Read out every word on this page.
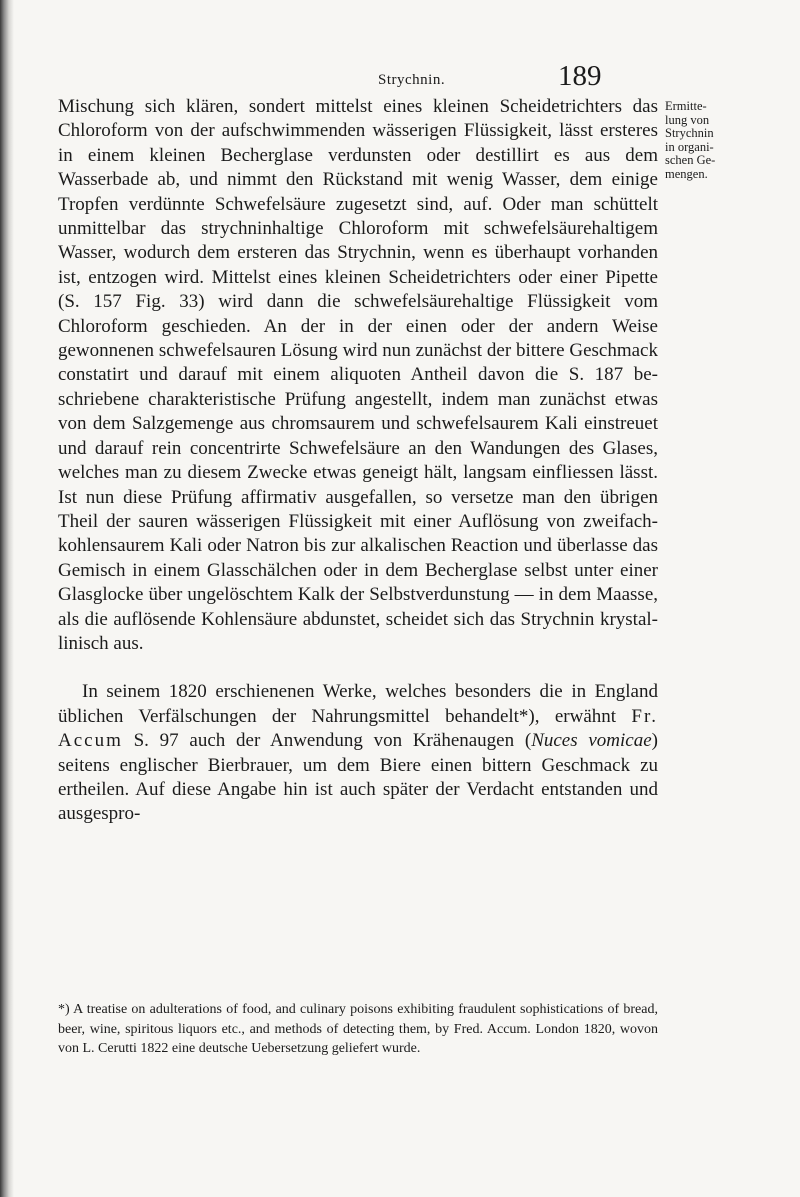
Strychnin.	189
Ermitte-
lung von
Strychnin
in organi-
schen Ge-
mengen.

Mischung sich klären, sondert mittelst eines kleinen Scheidetrichters das Chloroform von der aufschwimmenden wässerigen Flüssigkeit, lässt ersteres in einem kleinen Becherglase verdunsten oder destillirt es aus dem Wasserbade ab, und nimmt den Rückstand mit wenig Wasser, dem einige Tropfen verdünnte Schwefelsäure zugesetzt sind, auf. Oder man schüttelt unmittelbar das strychninhaltige Chloroform mit schwefelsäurehaltigem Wasser, wodurch dem ersteren das Strychnin, wenn es überhaupt vorhanden ist, entzogen wird. Mittelst eines kleinen Scheidetrichters oder einer Pipette (S. 157 Fig. 33) wird dann die schwefelsäurehaltige Flüssigkeit vom Chloroform geschieden. An der in der einen oder der andern Weise gewonnenen schwefelsauren Lösung wird nun zunächst der bittere Geschmack constatirt und darauf mit einem aliquoten Antheil davon die S. 187 beschriebene charakteristische Prüfung angestellt, indem man zunächst etwas von dem Salzgemenge aus chromsaurem und schwefelsaurem Kali einstreuet und darauf rein concentrirte Schwefelsäure an den Wandungen des Glases, welches man zu diesem Zwecke etwas geneigt hält, langsam einfliessen lässt. Ist nun diese Prüfung affirmativ ausgefallen, so versetze man den übrigen Theil der sauren wässerigen Flüssigkeit mit einer Auflösung von zweifach-kohlensaurem Kali oder Natron bis zur alkalischen Reaction und überlasse das Gemisch in einem Glasschälchen oder in dem Becherglase selbst unter einer Glasglocke über ungelöschtem Kalk der Selbstverdunstung — in dem Maasse, als die auflösende Kohlensäure abdunstet, scheidet sich das Strychnin krystallinisch aus.

In seinem 1820 erschienenen Werke, welches besonders die in England üblichen Verfälschungen der Nahrungsmittel behandelt*), erwähnt Fr. Accum S. 97 auch der Anwendung von Krähenaugen (Nuces vomicae) seitens englischer Bierbrauer, um dem Biere einen bittern Geschmack zu ertheilen. Auf diese Angabe hin ist auch später der Verdacht entstanden und ausgespro-

*) A treatise on adulterations of food, and culinary poisons exhibiting fraudulent sophistications of bread, beer, wine, spiritous liquors etc., and methods of detecting them, by Fred. Accum. London 1820, wovon von L. Cerutti 1822 eine deutsche Uebersetzung geliefert wurde.
